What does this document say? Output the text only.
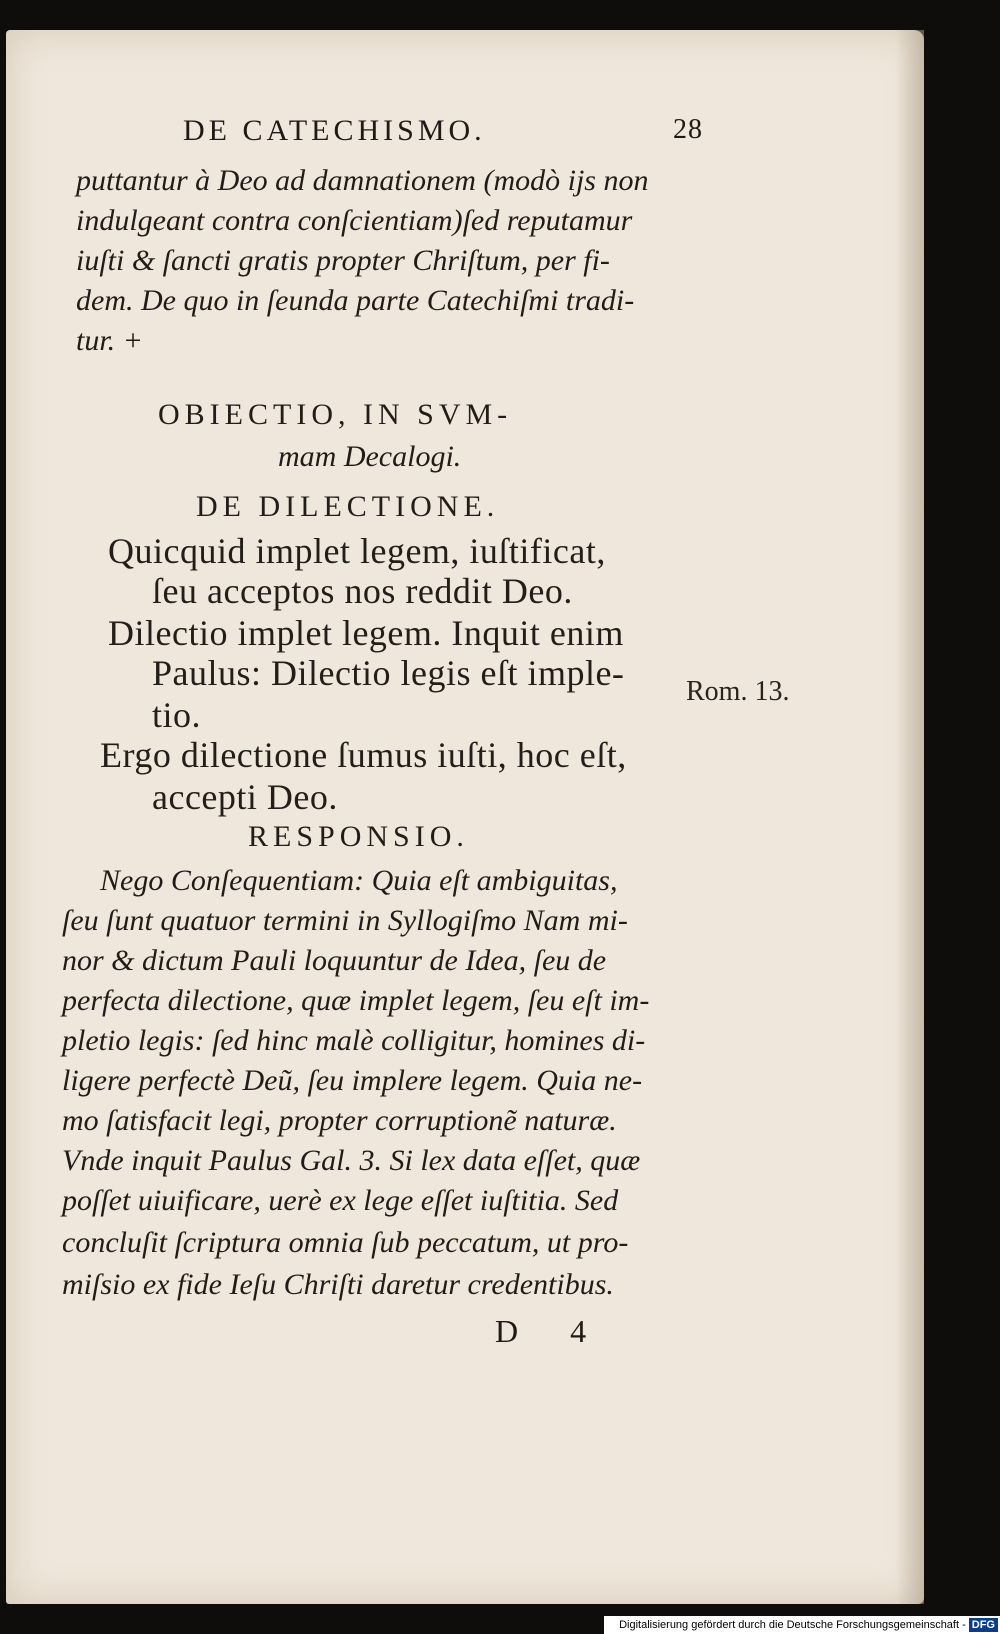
DE CATECHISMO.	28
puttantur à Deo ad damnationem (modò ijs non
indulgeant contra conſcientiam)ſed reputamur
iuſti & ſancti gratis propter Chriſtum, per fi-
dem. De quo in ſeunda parte Catechiſmi tradi-
tur. +
OBIECTIO, IN SVM-
mam Decalogi.
DE DILECTIONE.
Quicquid implet legem, iuſtificat,
ſeu acceptos nos reddit Deo.
Dilectio implet legem. Inquit enim
Paulus: Dilectio legis eſt imple-
tio.
Ergo dilectione ſumus iuſti, hoc eſt,
accepti Deo.
Rom. 13.
RESPONSIO.
Nego Conſequentiam: Quia eſt ambiguitas,
ſeu ſunt quatuor termini in Syllogiſmo Nam mi-
nor & dictum Pauli loquuntur de Idea, ſeu de
perfecta dilectione, quæ implet legem, ſeu eſt im-
pletio legis: ſed hinc malè colligitur, homines di-
ligere perfectè Deũ, ſeu implere legem. Quia ne-
mo ſatisfacit legi, propter corruptionẽ naturæ.
Vnde inquit Paulus Gal. 3. Si lex data eſſet, quæ
poſſet uiuificare, uerè ex lege eſſet iuſtitia. Sed
concluſit ſcriptura omnia ſub peccatum, ut pro-
miſsio ex fide Ieſu Chriſti daretur credentibus.
D 4
Digitalisierung gefördert durch die Deutsche Forschungsgemeinschaft - DFG
